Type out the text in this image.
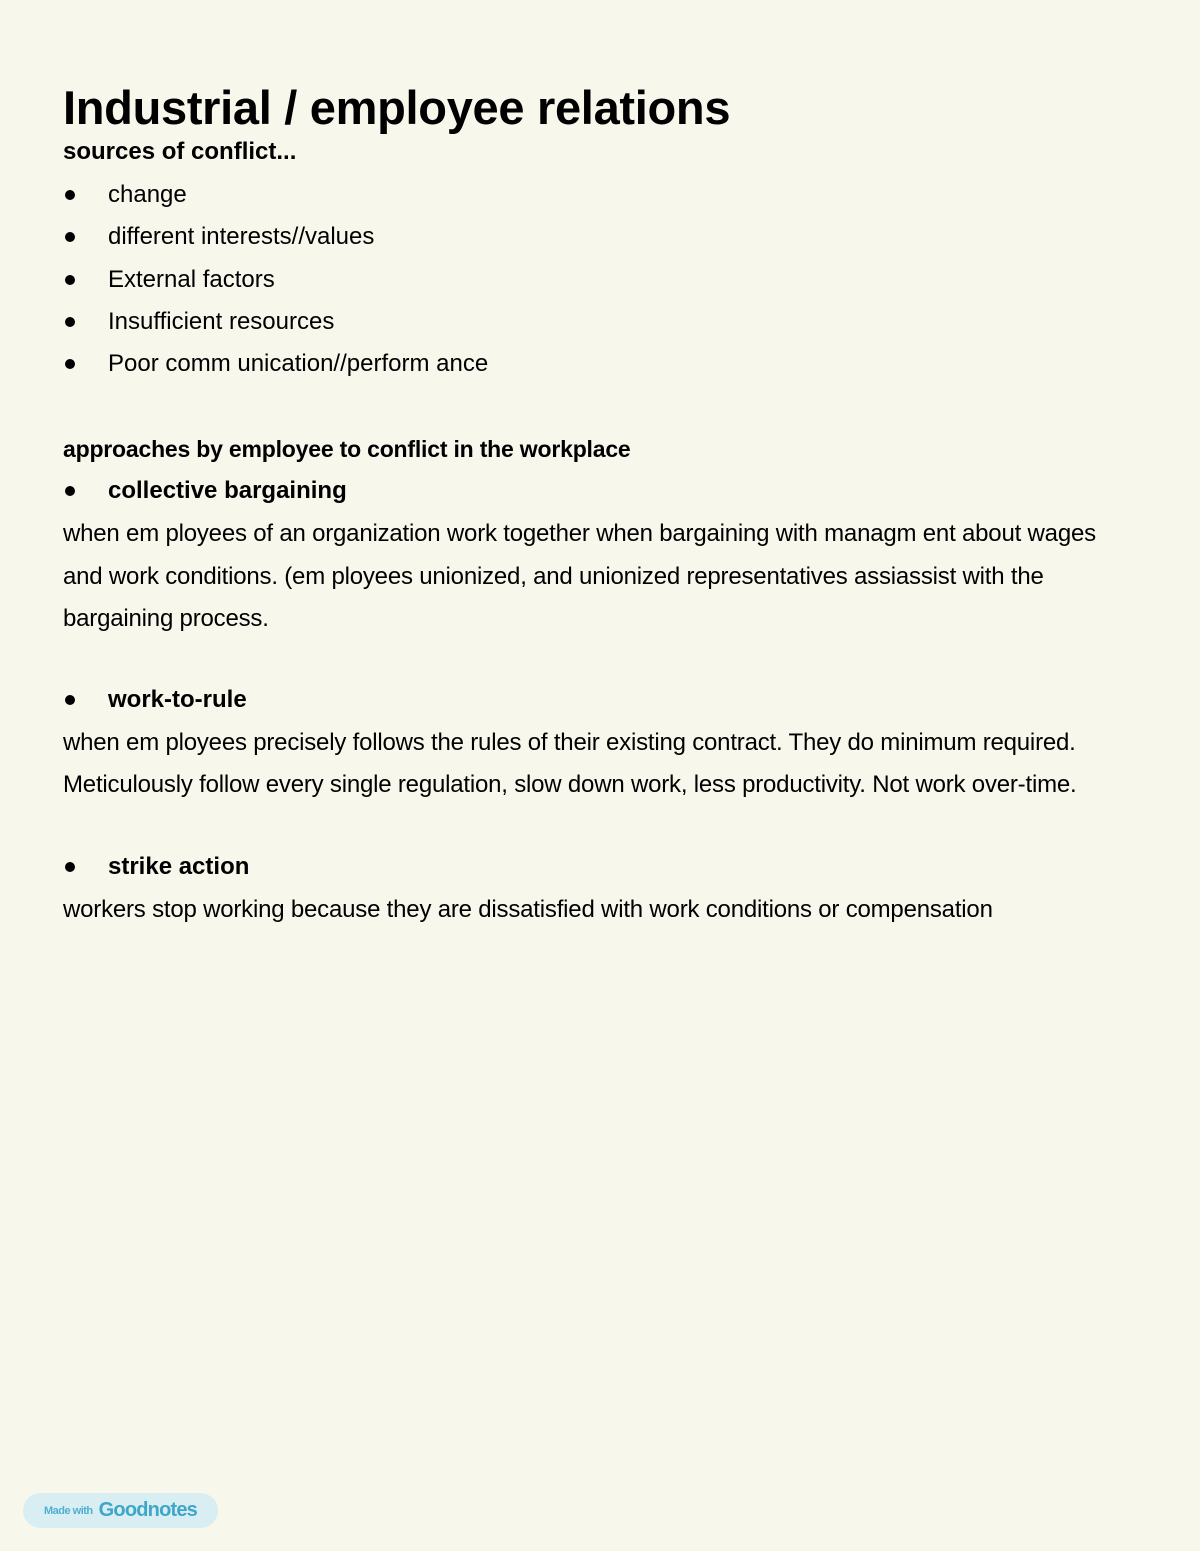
Industrial / employee relations
sources of conflict...
change
different interests//values
External factors
Insufficient resources
Poor comm unication//perform ance
approaches by employee to conflict in the workplace

collective bargaining

when em ployees of an organization work together when bargaining with managm ent about wages and work conditions. (em ployees unionized, and unionized representatives assiassist with the bargaining process.

work-to-rule

when em ployees precisely follows the rules of their existing contract. They do minimum required. Meticulously follow every single regulation, slow down work, less productivity. Not work over-time.

strike action

workers stop working because they are dissatisfied with work conditions or compensation

Made with Goodnotes
